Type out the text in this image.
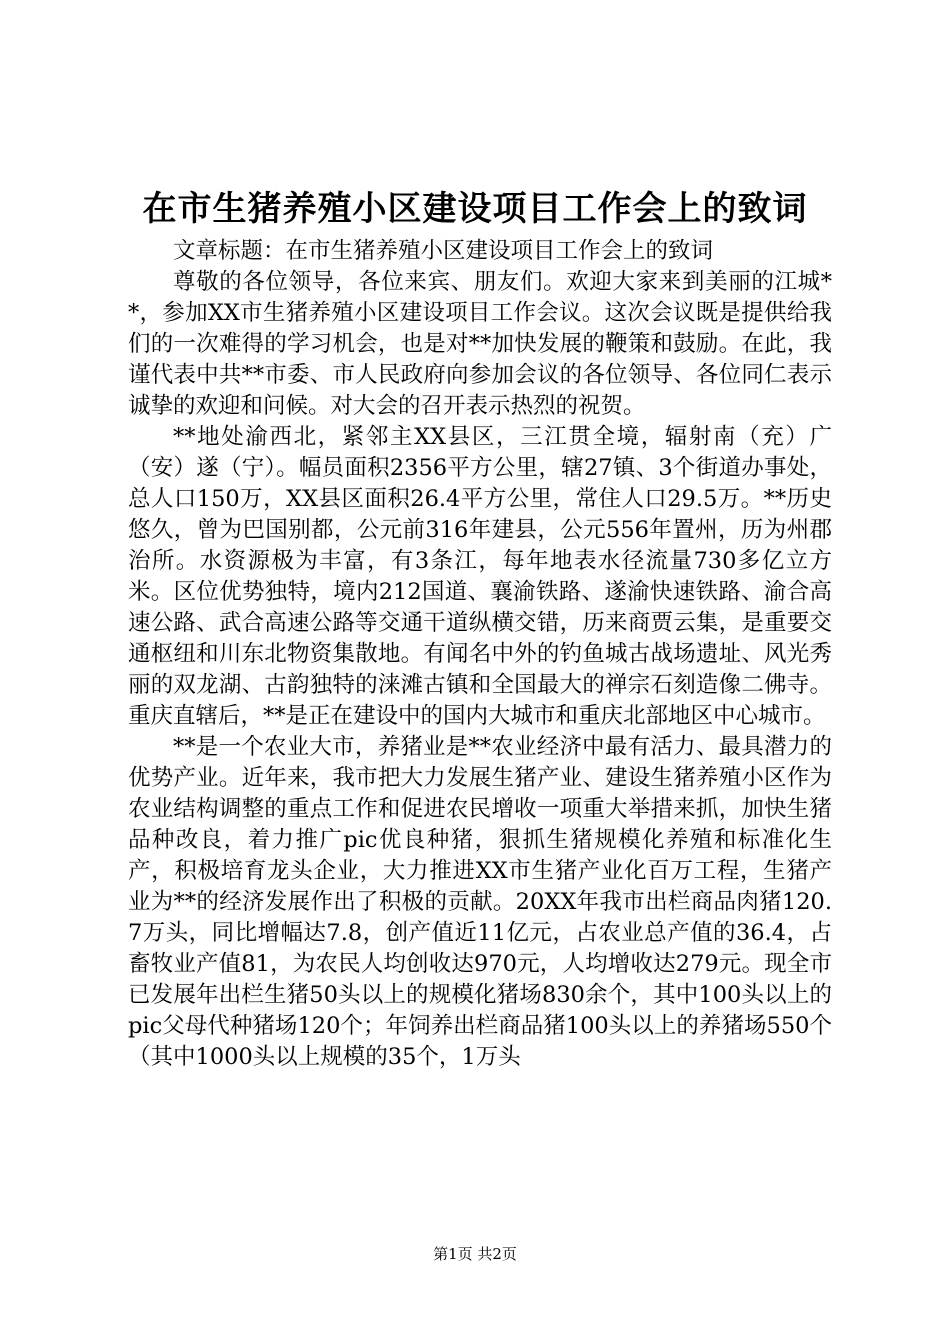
在市生猪养殖小区建设项目工作会上的致词

文章标题：在市生猪养殖小区建设项目工作会上的致词

尊敬的各位领导，各位来宾、朋友们。欢迎大家来到美丽的江城**，参加XX市生猪养殖小区建设项目工作会议。这次会议既是提供给我们的一次难得的学习机会，也是对**加快发展的鞭策和鼓励。在此，我谨代表中共**市委、市人民政府向参加会议的各位领导、各位同仁表示诚挚的欢迎和问候。对大会的召开表示热烈的祝贺。

**地处渝西北，紧邻主XX县区，三江贯全境，辐射南（充）广（安）遂（宁）。幅员面积2356平方公里，辖27镇、3个街道办事处，总人口150万，XX县区面积26.4平方公里，常住人口29.5万。**历史悠久，曾为巴国别都，公元前316年建县，公元556年置州，历为州郡治所。水资源极为丰富，有3条江，每年地表水径流量730多亿立方米。区位优势独特，境内212国道、襄渝铁路、遂渝快速铁路、渝合高速公路、武合高速公路等交通干道纵横交错，历来商贾云集，是重要交通枢纽和川东北物资集散地。有闻名中外的钓鱼城古战场遗址、风光秀丽的双龙湖、古韵独特的涞滩古镇和全国最大的禅宗石刻造像二佛寺。重庆直辖后，**是正在建设中的国内大城市和重庆北部地区中心城市。

**是一个农业大市，养猪业是**农业经济中最有活力、最具潜力的优势产业。近年来，我市把大力发展生猪产业、建设生猪养殖小区作为农业结构调整的重点工作和促进农民增收一项重大举措来抓，加快生猪品种改良，着力推广pic优良种猪，狠抓生猪规模化养殖和标准化生产，积极培育龙头企业，大力推进XX市生猪产业化百万工程，生猪产业为**的经济发展作出了积极的贡献。20XX年我市出栏商品肉猪120.7万头，同比增幅达7.8，创产值近11亿元，占农业总产值的36.4，占畜牧业产值81，为农民人均创收达970元，人均增收达279元。现全市已发展年出栏生猪50头以上的规模化猪场830余个，其中100头以上的pic父母代种猪场120个；年饲养出栏商品猪100头以上的养猪场550个（其中1000头以上规模的35个，1万头

第1页 共2页
